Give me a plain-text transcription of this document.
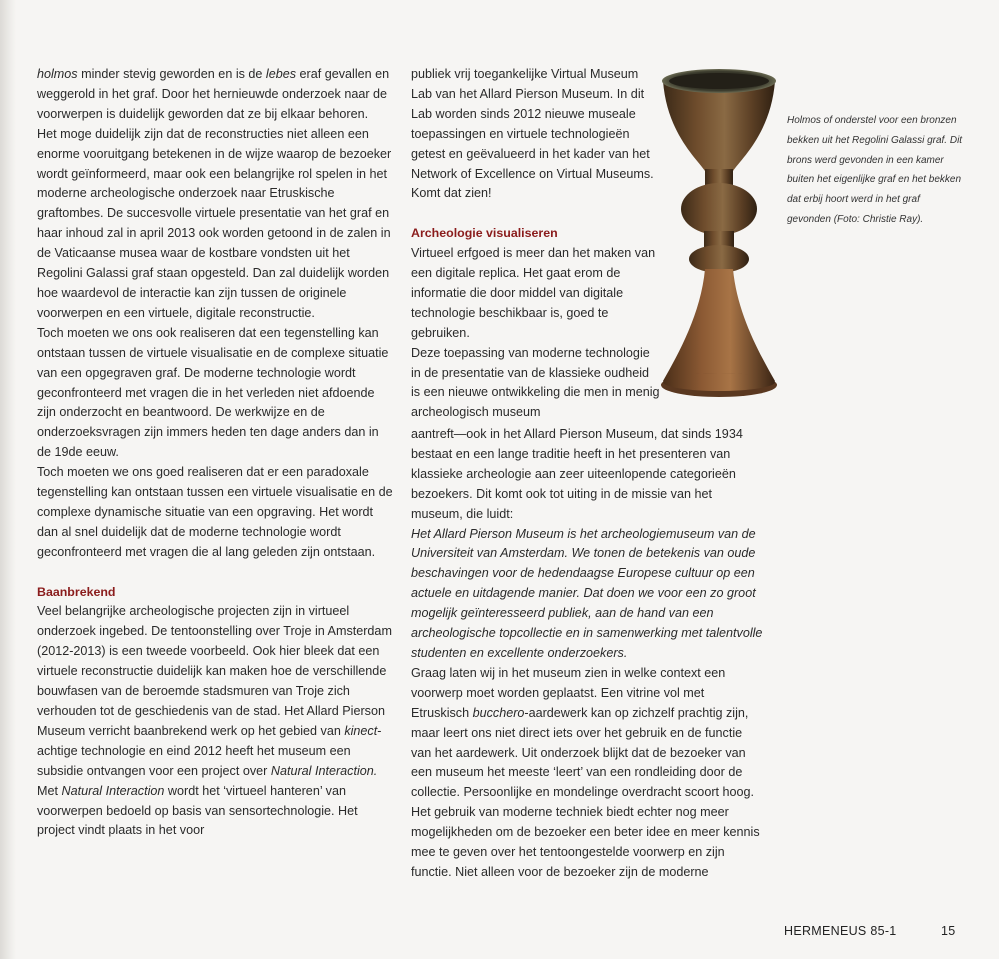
holmos minder stevig geworden en is de lebes eraf gevallen en weggerold in het graf. Door het hernieuwde onderzoek naar de voorwerpen is duidelijk geworden dat ze bij elkaar behoren.

Het moge duidelijk zijn dat de reconstructies niet alleen een enorme vooruitgang betekenen in de wijze waarop de bezoeker wordt geïnformeerd, maar ook een belangrijke rol spelen in het moderne archeologische onderzoek naar Etruskische graftombes. De succesvolle virtuele presentatie van het graf en haar inhoud zal in april 2013 ook worden getoond in de zalen in de Vaticaanse musea waar de kostbare vondsten uit het Regolini Galassi graf staan opgesteld. Dan zal duidelijk worden hoe waardevol de interactie kan zijn tussen de originele voorwerpen en een virtuele, digitale reconstructie.

Toch moeten we ons ook realiseren dat een tegenstelling kan ontstaan tussen de virtuele visualisatie en de complexe situatie van een opgegraven graf. De moderne technologie wordt geconfronteerd met vragen die in het verleden niet afdoende zijn onderzocht en beantwoord. De werkwijze en de onderzoeksvragen zijn immers heden ten dage anders dan in de 19de eeuw.

Toch moeten we ons goed realiseren dat er een paradoxale tegenstelling kan ontstaan tussen een virtuele visualisatie en de complexe dynamische situatie van een opgraving. Het wordt dan al snel duidelijk dat de moderne technologie wordt geconfronteerd met vragen die al lang geleden zijn ontstaan.

Baanbrekend

Veel belangrijke archeologische projecten zijn in virtueel onderzoek ingebed. De tentoonstelling over Troje in Amsterdam (2012-2013) is een tweede voorbeeld. Ook hier bleek dat een virtuele reconstructie duidelijk kan maken hoe de verschillende bouwfasen van de beroemde stadsmuren van Troje zich verhouden tot de geschiedenis van de stad. Het Allard Pierson Museum verricht baanbrekend werk op het gebied van kinect-achtige technologie en eind 2012 heeft het museum een subsidie ontvangen voor een project over Natural Interaction. Met Natural Interaction wordt het ‘virtueel hanteren’ van voorwerpen bedoeld op basis van sensortechnologie. Het project vindt plaats in het voor

publiek vrij toegankelijke Virtual Museum Lab van het Allard Pierson Museum. In dit Lab worden sinds 2012 nieuwe museale toepassingen en virtuele technologieën getest en geëvalueerd in het kader van het Network of Excellence on Virtual Museums. Komt dat zien!

Archeologie visualiseren

Virtueel erfgoed is meer dan het maken van een digitale replica. Het gaat erom de informatie die door middel van digitale technologie beschikbaar is, goed te gebruiken.

Deze toepassing van moderne technologie in de presentatie van de klassieke oudheid is een nieuwe ontwikkeling die men in menig archeologisch museum

aantreft—ook in het Allard Pierson Museum, dat sinds 1934 bestaat en een lange traditie heeft in het presenteren van klassieke archeologie aan zeer uiteenlopende categorieën bezoekers. Dit komt ook tot uiting in de missie van het museum, die luidt:

Het Allard Pierson Museum is het archeologiemuseum van de Universiteit van Amsterdam. We tonen de betekenis van oude beschavingen voor de hedendaagse Europese cultuur op een actuele en uitdagende manier. Dat doen we voor een zo groot mogelijk geïnteresseerd publiek, aan de hand van een archeologische topcollectie en in samenwerking met talentvolle studenten en excellente onderzoekers.

Graag laten wij in het museum zien in welke context een voorwerp moet worden geplaatst. Een vitrine vol met Etruskisch bucchero-aardewerk kan op zichzelf prachtig zijn, maar leert ons niet direct iets over het gebruik en de functie van het aardewerk. Uit onderzoek blijkt dat de bezoeker van een museum het meeste ‘leert’ van een rondleiding door de collectie. Persoonlijke en mondelinge overdracht scoort hoog. Het gebruik van moderne techniek biedt echter nog meer mogelijkheden om de bezoeker een beter idee en meer kennis mee te geven over het tentoongestelde voorwerp en zijn functie. Niet alleen voor de bezoeker zijn de moderne

Holmos of onderstel voor een bronzen bekken uit het Regolini Galassi graf. Dit brons werd gevonden in een kamer buiten het eigenlijke graf en het bekken dat erbij hoort werd in het graf gevonden (Foto: Christie Ray).
HERMENEUS 85-1	15
